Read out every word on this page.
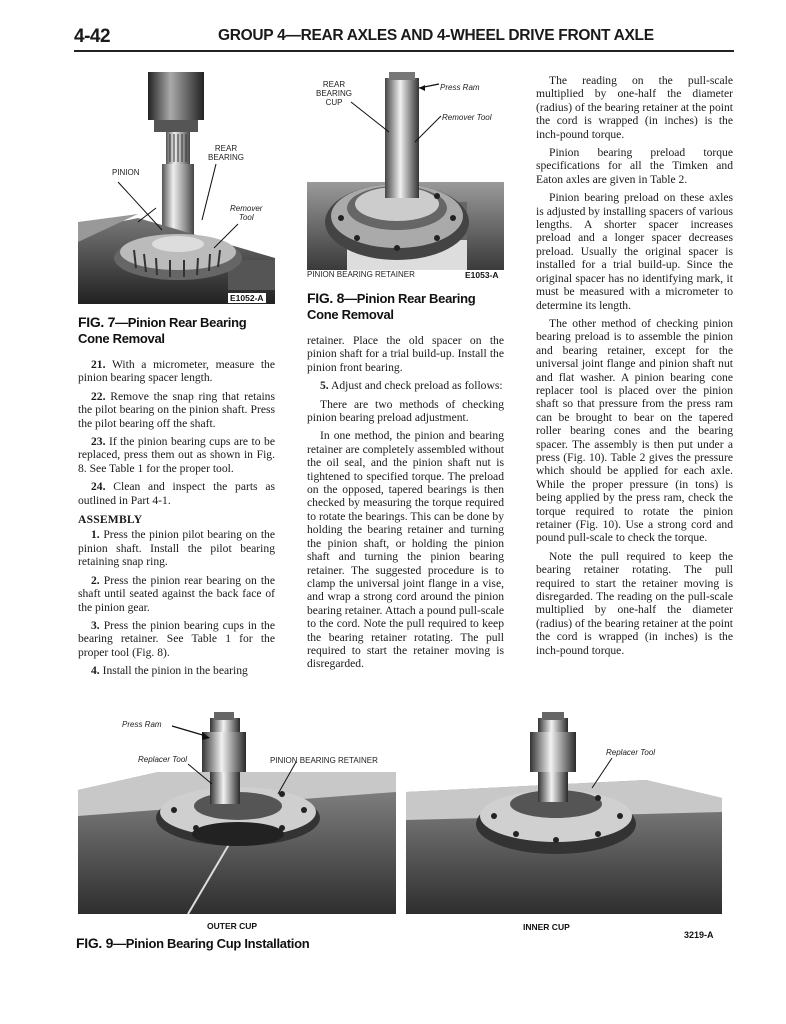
4-42	GROUP 4—REAR AXLES AND 4-WHEEL DRIVE FRONT AXLE
PINION
REAR
BEARING
Remover
Tool
E1052-A
FIG. 7—Pinion Rear Bearing Cone Removal
REAR
BEARING
CUP
Press Ram
Remover Tool
PINION BEARING RETAINER	E1053-A
FIG. 8—Pinion Rear Bearing Cone Removal

21. With a micrometer, measure the pinion bearing spacer length.

22. Remove the snap ring that retains the pilot bearing on the pinion shaft. Press the pilot bearing off the shaft.

23. If the pinion bearing cups are to be replaced, press them out as shown in Fig. 8. See Table 1 for the proper tool.

24. Clean and inspect the parts as outlined in Part 4-1.

ASSEMBLY

1. Press the pinion pilot bearing on the pinion shaft. Install the pilot bearing retaining snap ring.

2. Press the pinion rear bearing on the shaft until seated against the back face of the pinion gear.

3. Press the pinion bearing cups in the bearing retainer. See Table 1 for the proper tool (Fig. 8).

4. Install the pinion in the bearing

retainer. Place the old spacer on the pinion shaft for a trial build-up. Install the pinion front bearing.

5. Adjust and check preload as follows:

There are two methods of checking pinion bearing preload adjustment.

In one method, the pinion and bearing retainer are completely assembled without the oil seal, and the pinion shaft nut is tightened to specified torque. The preload on the opposed, tapered bearings is then checked by measuring the torque required to rotate the bearings. This can be done by holding the bearing retainer and turning the pinion shaft, or holding the pinion shaft and turning the pinion bearing retainer. The suggested procedure is to clamp the universal joint flange in a vise, and wrap a strong cord around the pinion bearing retainer. Attach a pound pull-scale to the cord. Note the pull required to keep the bearing retainer rotating. The pull required to start the retainer moving is disregarded.

The reading on the pull-scale multiplied by one-half the diameter (radius) of the bearing retainer at the point the cord is wrapped (in inches) is the inch-pound torque.

Pinion bearing preload torque specifications for all the Timken and Eaton axles are given in Table 2.

Pinion bearing preload on these axles is adjusted by installing spacers of various lengths. A shorter spacer increases preload and a longer spacer decreases preload. Usually the original spacer is installed for a trial build-up. Since the original spacer has no identifying mark, it must be measured with a micrometer to determine its length.

The other method of checking pinion bearing preload is to assemble the pinion and bearing retainer, except for the universal joint flange and pinion shaft nut and flat washer. A pinion bearing cone replacer tool is placed over the pinion shaft so that pressure from the press ram can be brought to bear on the tapered roller bearing cones and the bearing spacer. The assembly is then put under a press (Fig. 10). Table 2 gives the pressure which should be applied for each axle. While the proper pressure (in tons) is being applied by the press ram, check the torque required to rotate the pinion retainer (Fig. 10). Use a strong cord and pound pull-scale to check the torque.

Note the pull required to keep the bearing retainer rotating. The pull required to start the retainer moving is disregarded. The reading on the pull-scale multiplied by one-half the diameter (radius) of the bearing retainer at the point the cord is wrapped (in inches) is the inch-pound torque.

Press Ram
Replacer Tool	PINION BEARING RETAINER
Replacer Tool
OUTER CUP	INNER CUP
3219-A
FIG. 9—Pinion Bearing Cup Installation
